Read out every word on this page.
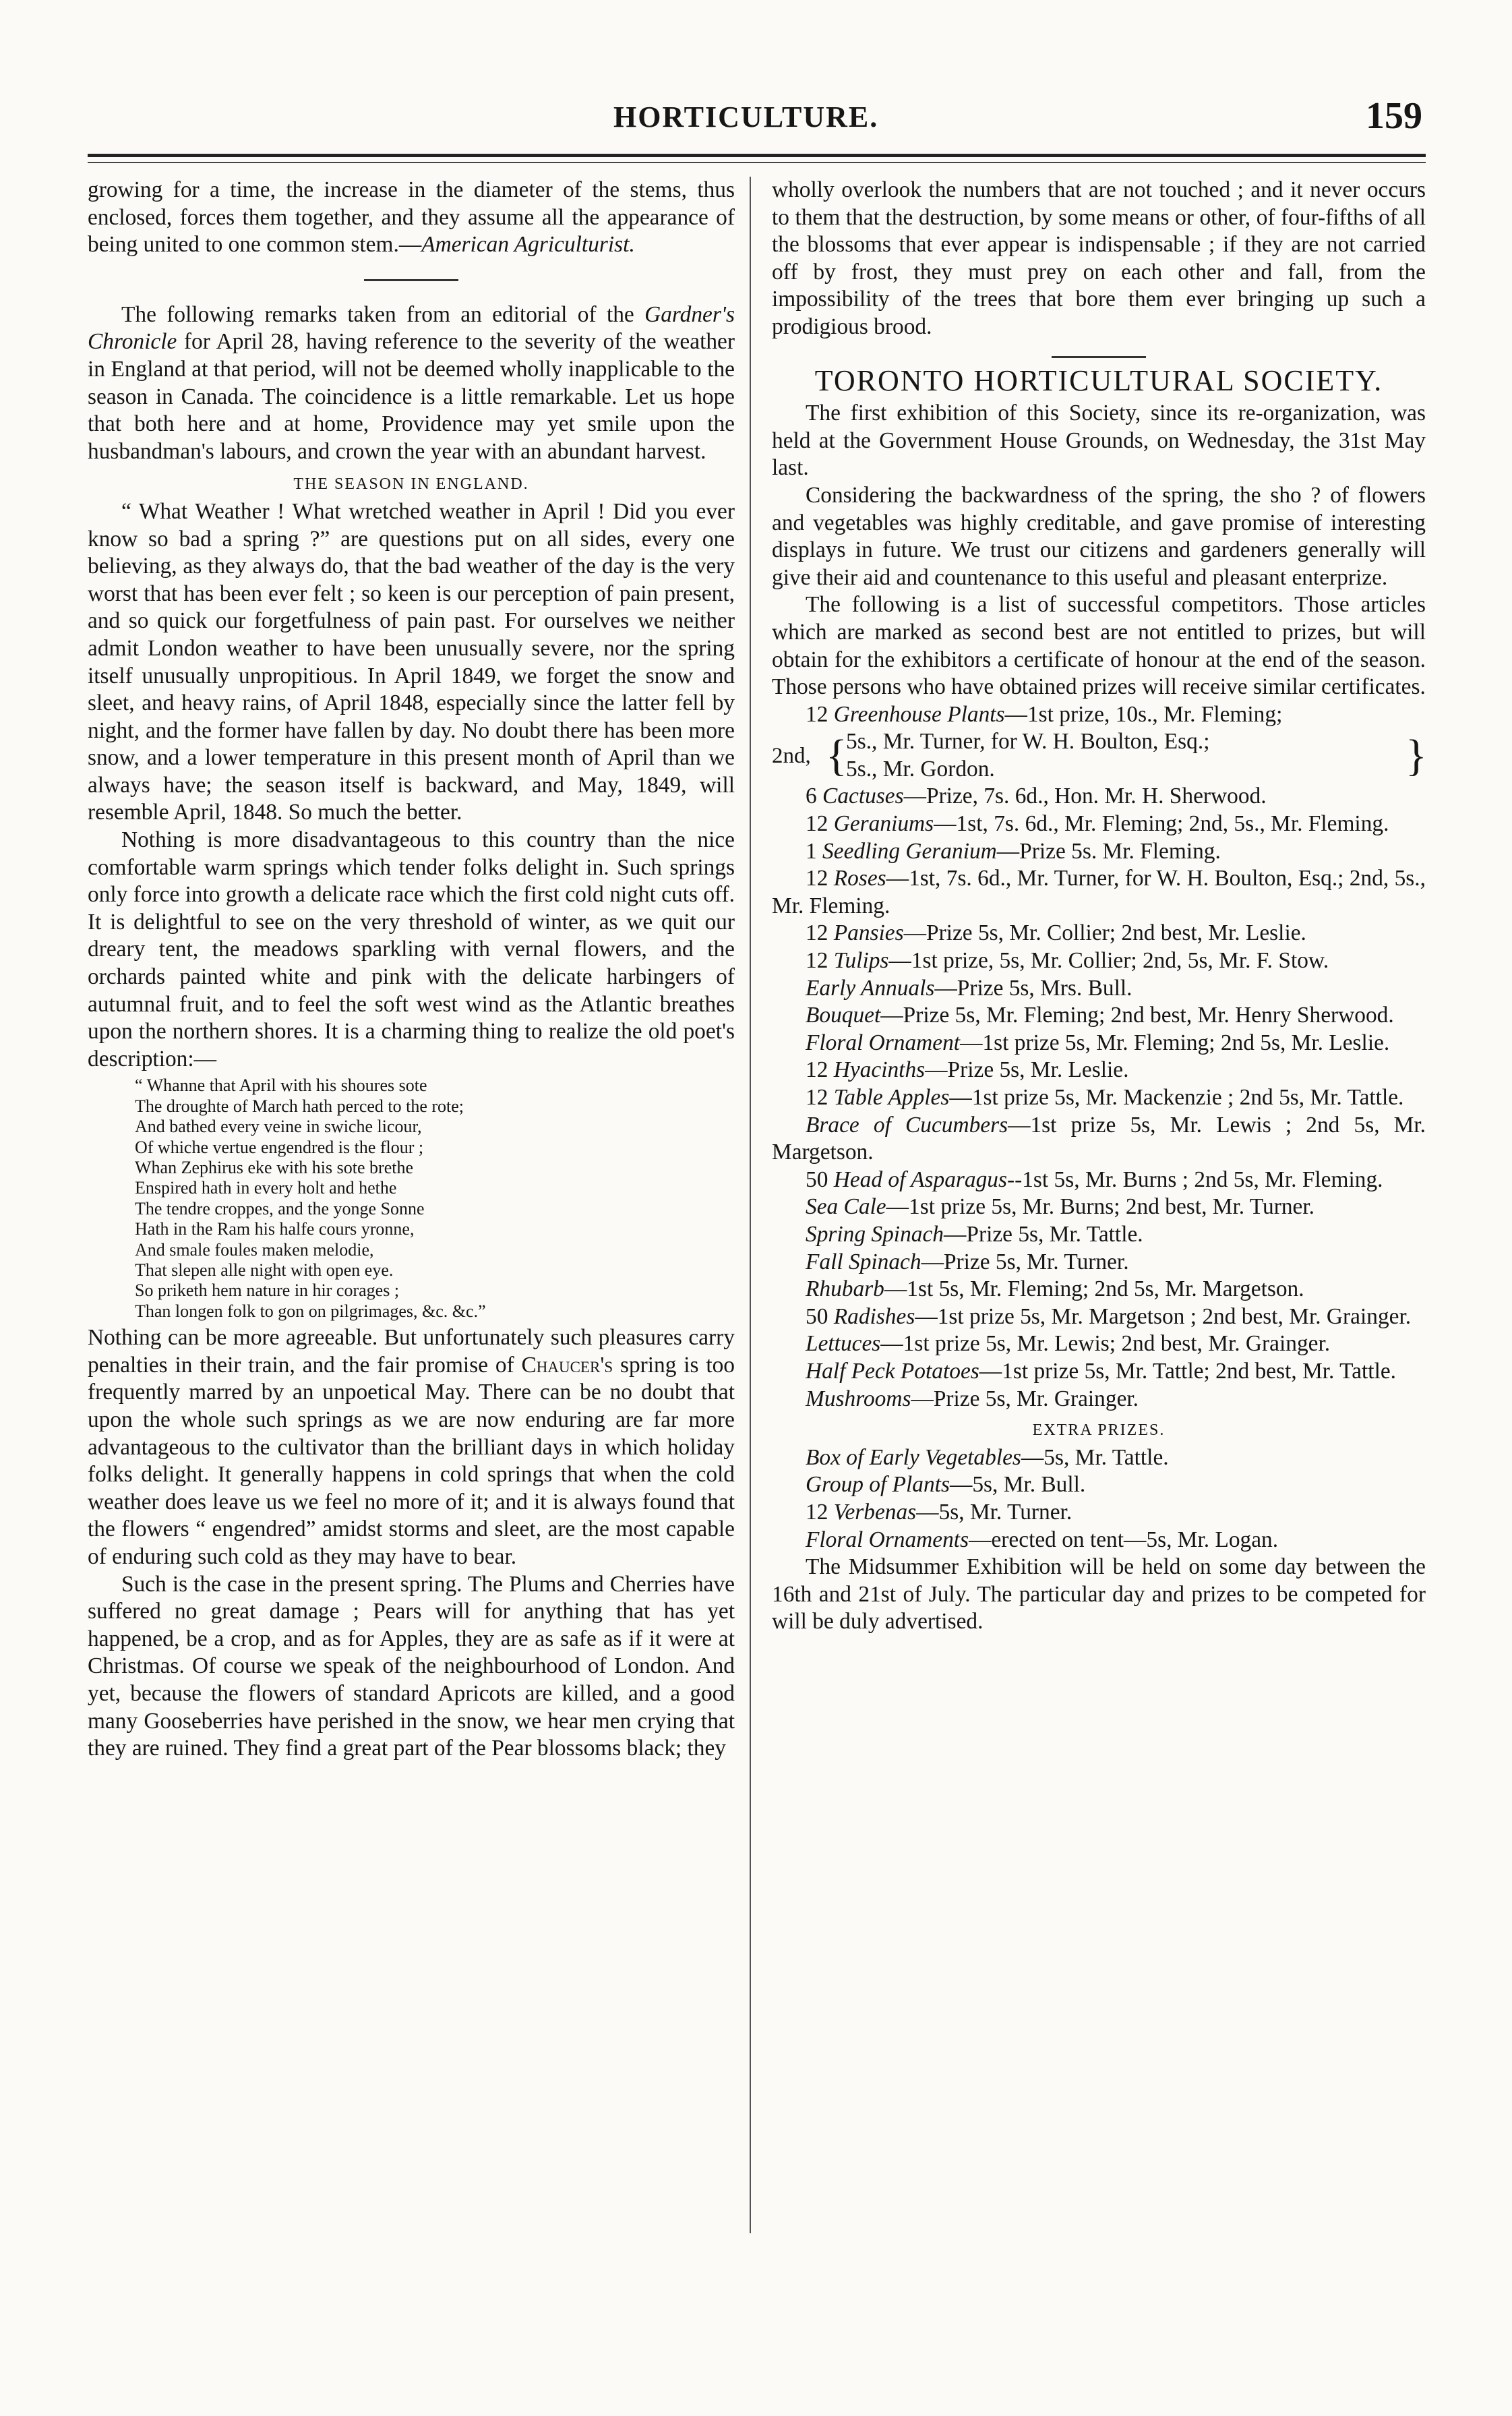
HORTICULTURE.	159

growing for a time, the increase in the diameter of the stems, thus enclosed, forces them together, and they assume all the appearance of being united to one common stem.—American Agriculturist.

The following remarks taken from an editorial of the Gardner's Chronicle for April 28, having reference to the severity of the weather in England at that period, will not be deemed wholly inapplicable to the season in Canada. The coincidence is a little remarkable. Let us hope that both here and at home, Providence may yet smile upon the husbandman's labours, and crown the year with an abundant harvest.

THE SEASON IN ENGLAND.

“ What Weather ! What wretched weather in April ! Did you ever know so bad a spring ?” are questions put on all sides, every one believing, as they always do, that the bad weather of the day is the very worst that has been ever felt ; so keen is our perception of pain present, and so quick our forgetfulness of pain past. For ourselves we neither admit London weather to have been unusually severe, nor the spring itself unusually unpropitious. In April 1849, we forget the snow and sleet, and heavy rains, of April 1848, especially since the latter fell by night, and the former have fallen by day. No doubt there has been more snow, and a lower temperature in this present month of April than we always have; the season itself is backward, and May, 1849, will resemble April, 1848. So much the better.

Nothing is more disadvantageous to this country than the nice comfortable warm springs which tender folks delight in. Such springs only force into growth a delicate race which the first cold night cuts off. It is delightful to see on the very threshold of winter, as we quit our dreary tent, the meadows sparkling with vernal flowers, and the orchards painted white and pink with the delicate harbingers of autumnal fruit, and to feel the soft west wind as the Atlantic breathes upon the northern shores. It is a charming thing to realize the old poet's description:—

“ Whanne that April with his shoures sote
The droughte of March hath perced to the rote;
And bathed every veine in swiche licour,
Of whiche vertue engendred is the flour ;
Whan Zephirus eke with his sote brethe
Enspired hath in every holt and hethe
The tendre croppes, and the yonge Sonne
Hath in the Ram his halfe cours yronne,
And smale foules maken melodie,
That slepen alle night with open eye.
So priketh hem nature in hir corages ;
Than longen folk to gon on pilgrimages, &c. &c.”

Nothing can be more agreeable. But unfortunately such pleasures carry penalties in their train, and the fair promise of Chaucer's spring is too frequently marred by an unpoetical May. There can be no doubt that upon the whole such springs as we are now enduring are far more advantageous to the cultivator than the brilliant days in which holiday folks delight. It generally happens in cold springs that when the cold weather does leave us we feel no more of it; and it is always found that the flowers “ engendred” amidst storms and sleet, are the most capable of enduring such cold as they may have to bear.

Such is the case in the present spring. The Plums and Cherries have suffered no great damage ; Pears will for anything that has yet happened, be a crop, and as for Apples, they are as safe as if it were at Christmas. Of course we speak of the neighbourhood of London. And yet, because the flowers of standard Apricots are killed, and a good many Gooseberries have perished in the snow, we hear men crying that they are ruined. They find a great part of the Pear blossoms black; they

wholly overlook the numbers that are not touched ; and it never occurs to them that the destruction, by some means or other, of four-fifths of all the blossoms that ever appear is indispensable ; if they are not carried off by frost, they must prey on each other and fall, from the impossibility of the trees that bore them ever bringing up such a prodigious brood.

TORONTO HORTICULTURAL SOCIETY.

The first exhibition of this Society, since its re-organization, was held at the Government House Grounds, on Wednesday, the 31st May last.

Considering the backwardness of the spring, the sho ? of flowers and vegetables was highly creditable, and gave promise of interesting displays in future. We trust our citizens and gardeners generally will give their aid and countenance to this useful and pleasant enterprize.

The following is a list of successful competitors. Those articles which are marked as second best are not entitled to prizes, but will obtain for the exhibitors a certificate of honour at the end of the season. Those persons who have obtained prizes will receive similar certificates.

12 Greenhouse Plants—1st prize, 10s., Mr. Fleming;

2nd, {
5s., Mr. Turner, for W. H. Boulton, Esq.;
5s., Mr. Gordon.	}

6 Cactuses—Prize, 7s. 6d., Hon. Mr. H. Sherwood.

12 Geraniums—1st, 7s. 6d., Mr. Fleming; 2nd, 5s., Mr. Fleming.

1 Seedling Geranium—Prize 5s. Mr. Fleming.

12 Roses—1st, 7s. 6d., Mr. Turner, for W. H. Boulton, Esq.; 2nd, 5s., Mr. Fleming.

12 Pansies—Prize 5s, Mr. Collier; 2nd best, Mr. Leslie.

12 Tulips—1st prize, 5s, Mr. Collier; 2nd, 5s, Mr. F. Stow.

Early Annuals—Prize 5s, Mrs. Bull.

Bouquet—Prize 5s, Mr. Fleming; 2nd best, Mr. Henry Sherwood.

Floral Ornament—1st prize 5s, Mr. Fleming; 2nd 5s, Mr. Leslie.

12 Hyacinths—Prize 5s, Mr. Leslie.

12 Table Apples—1st prize 5s, Mr. Mackenzie ; 2nd 5s, Mr. Tattle.

Brace of Cucumbers—1st prize 5s, Mr. Lewis ; 2nd 5s, Mr. Margetson.

50 Head of Asparagus--1st 5s, Mr. Burns ; 2nd 5s, Mr. Fleming.

Sea Cale—1st prize 5s, Mr. Burns; 2nd best, Mr. Turner.

Spring Spinach—Prize 5s, Mr. Tattle.

Fall Spinach—Prize 5s, Mr. Turner.

Rhubarb—1st 5s, Mr. Fleming; 2nd 5s, Mr. Margetson.

50 Radishes—1st prize 5s, Mr. Margetson ; 2nd best, Mr. Grainger.

Lettuces—1st prize 5s, Mr. Lewis; 2nd best, Mr. Grainger.

Half Peck Potatoes—1st prize 5s, Mr. Tattle; 2nd best, Mr. Tattle.

Mushrooms—Prize 5s, Mr. Grainger.

EXTRA PRIZES.

Box of Early Vegetables—5s, Mr. Tattle.

Group of Plants—5s, Mr. Bull.

12 Verbenas—5s, Mr. Turner.

Floral Ornaments—erected on tent—5s, Mr. Logan.

The Midsummer Exhibition will be held on some day between the 16th and 21st of July. The particular day and prizes to be competed for will be duly advertised.
